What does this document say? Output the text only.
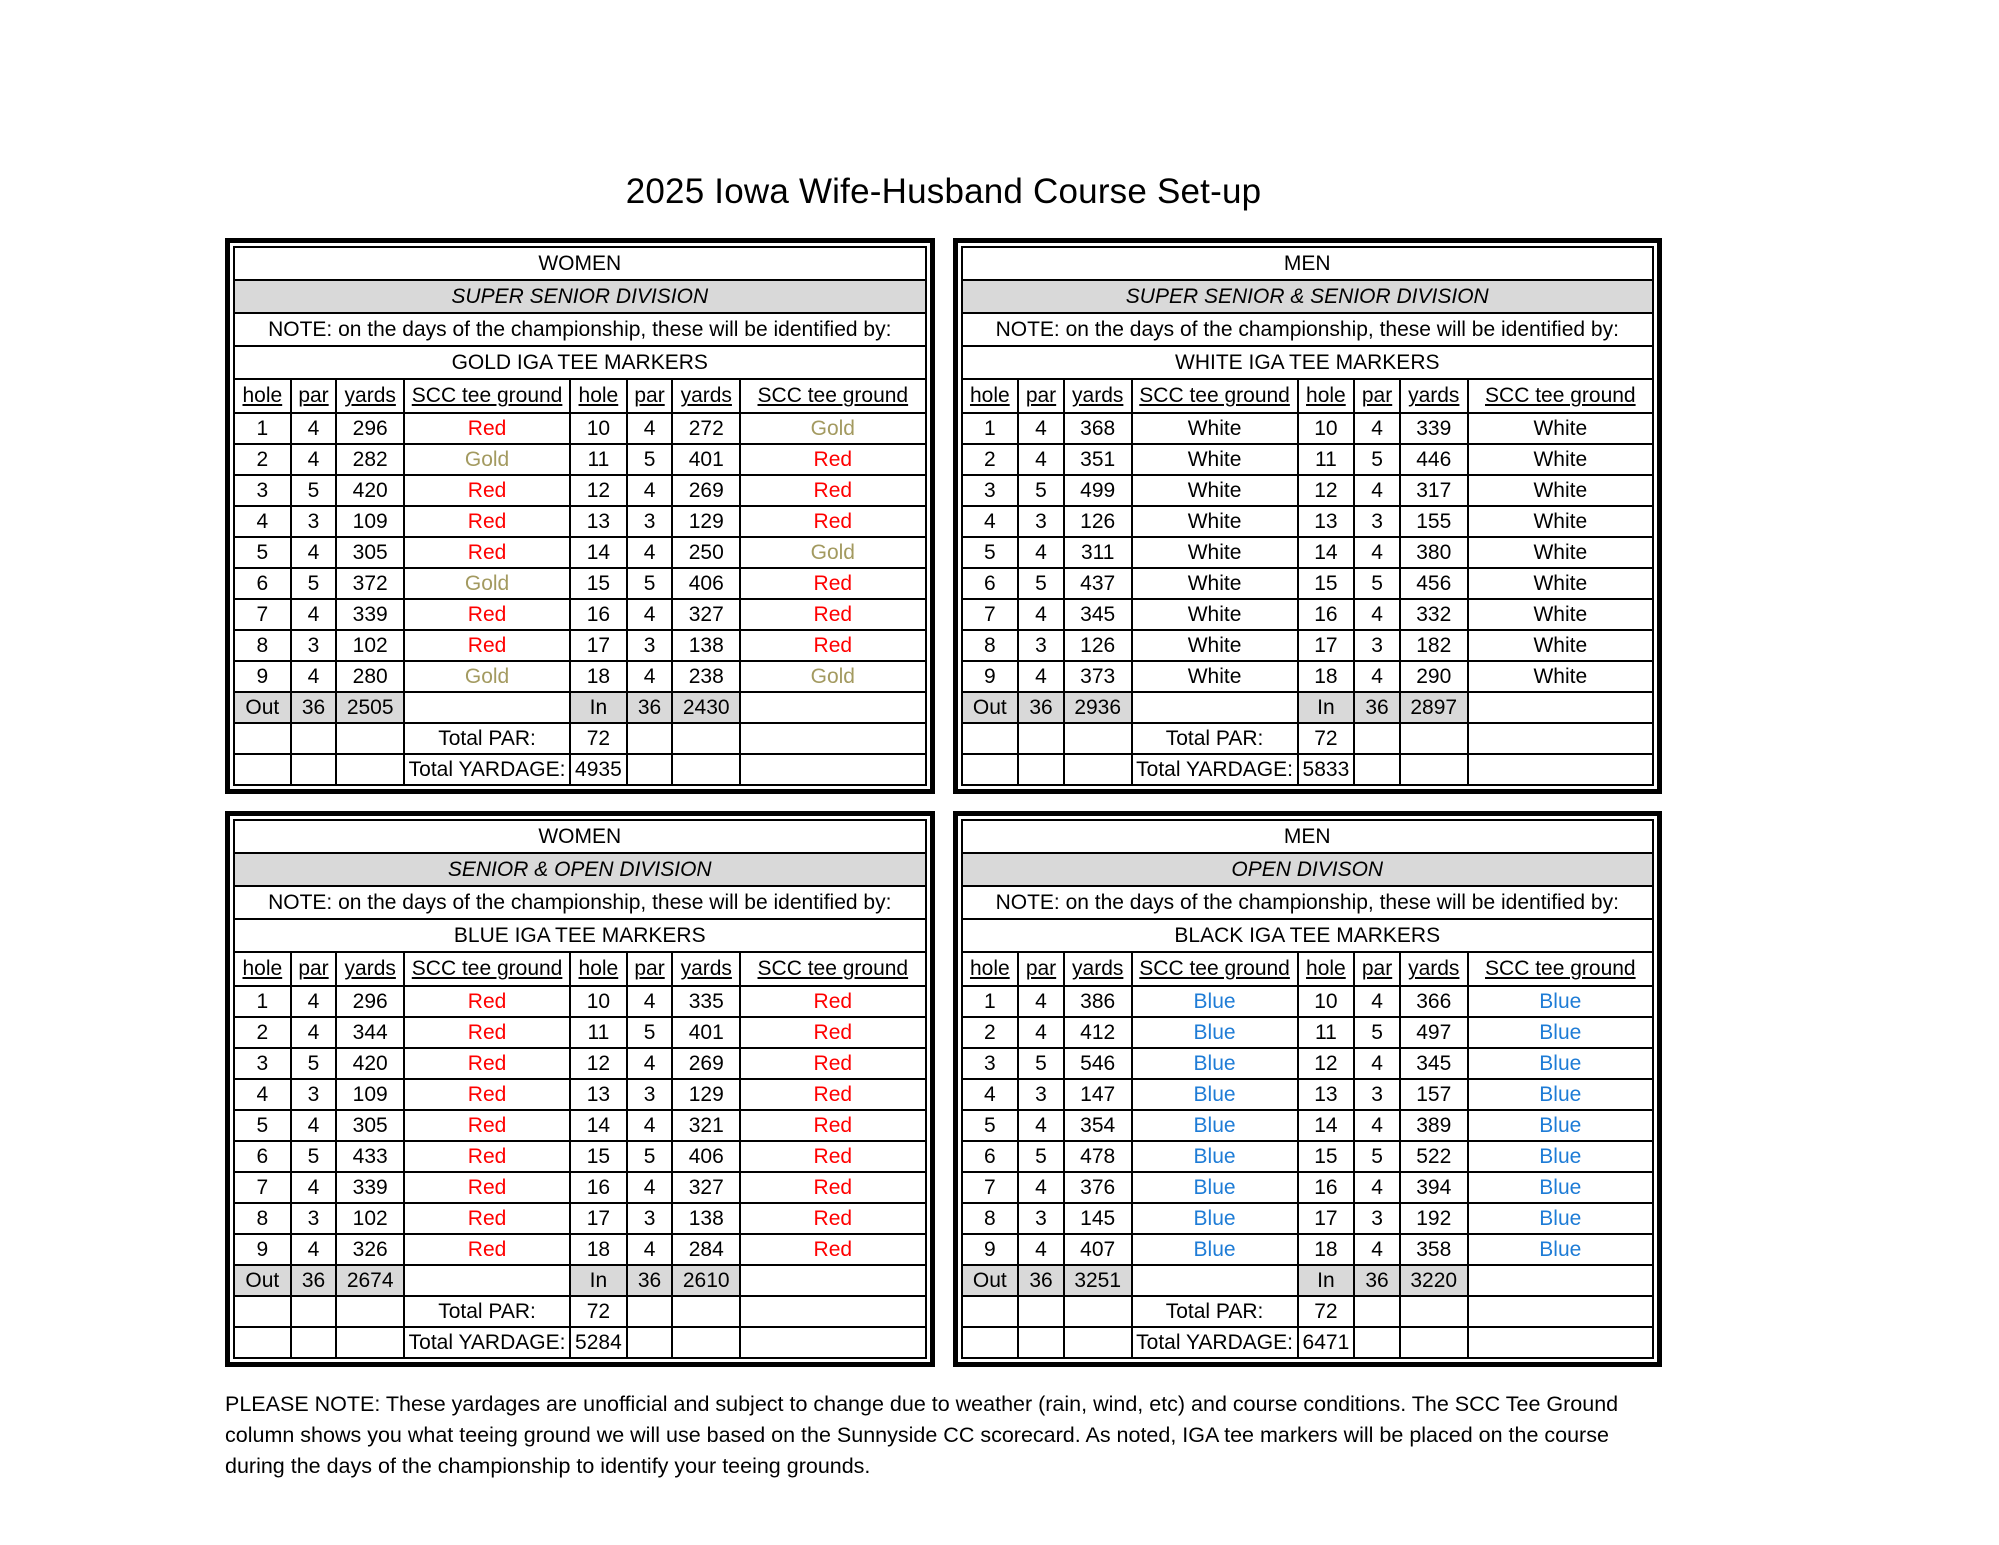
2025 Iowa Wife-Husband Course Set-up
WOMEN							
SUPER SENIOR DIVISION							
NOTE: on the days of the championship, these will be identified by:							
GOLD IGA TEE MARKERS							
hole	par	yards	SCC tee ground	hole	par	yards	SCC tee ground
1	4	296	Red	10	4	272	Gold
2	4	282	Gold	11	5	401	Red
3	5	420	Red	12	4	269	Red
4	3	109	Red	13	3	129	Red
5	4	305	Red	14	4	250	Gold
6	5	372	Gold	15	5	406	Red
7	4	339	Red	16	4	327	Red
8	3	102	Red	17	3	138	Red
9	4	280	Gold	18	4	238	Gold
Out	36	2505		In	36	2430	
			Total PAR:	72			
			Total YARDAGE:	4935			
MEN							
SUPER SENIOR & SENIOR DIVISION							
NOTE: on the days of the championship, these will be identified by:							
WHITE IGA TEE MARKERS							
hole	par	yards	SCC tee ground	hole	par	yards	SCC tee ground
1	4	368	White	10	4	339	White
2	4	351	White	11	5	446	White
3	5	499	White	12	4	317	White
4	3	126	White	13	3	155	White
5	4	311	White	14	4	380	White
6	5	437	White	15	5	456	White
7	4	345	White	16	4	332	White
8	3	126	White	17	3	182	White
9	4	373	White	18	4	290	White
Out	36	2936		In	36	2897	
			Total PAR:	72			
			Total YARDAGE:	5833			
WOMEN							
SENIOR & OPEN DIVISION							
NOTE: on the days of the championship, these will be identified by:							
BLUE IGA TEE MARKERS							
hole	par	yards	SCC tee ground	hole	par	yards	SCC tee ground
1	4	296	Red	10	4	335	Red
2	4	344	Red	11	5	401	Red
3	5	420	Red	12	4	269	Red
4	3	109	Red	13	3	129	Red
5	4	305	Red	14	4	321	Red
6	5	433	Red	15	5	406	Red
7	4	339	Red	16	4	327	Red
8	3	102	Red	17	3	138	Red
9	4	326	Red	18	4	284	Red
Out	36	2674		In	36	2610	
			Total PAR:	72			
			Total YARDAGE:	5284			
MEN							
OPEN DIVISON							
NOTE: on the days of the championship, these will be identified by:							
BLACK IGA TEE MARKERS							
hole	par	yards	SCC tee ground	hole	par	yards	SCC tee ground
1	4	386	Blue	10	4	366	Blue
2	4	412	Blue	11	5	497	Blue
3	5	546	Blue	12	4	345	Blue
4	3	147	Blue	13	3	157	Blue
5	4	354	Blue	14	4	389	Blue
6	5	478	Blue	15	5	522	Blue
7	4	376	Blue	16	4	394	Blue
8	3	145	Blue	17	3	192	Blue
9	4	407	Blue	18	4	358	Blue
Out	36	3251		In	36	3220	
			Total PAR:	72			
			Total YARDAGE:	6471			

PLEASE NOTE: These yardages are unofficial and subject to change due to weather (rain, wind, etc) and course conditions. The SCC Tee Ground column shows you what teeing ground we will use based on the Sunnyside CC scorecard. As noted, IGA tee markers will be placed on the course during the days of the championship to identify your teeing grounds.
